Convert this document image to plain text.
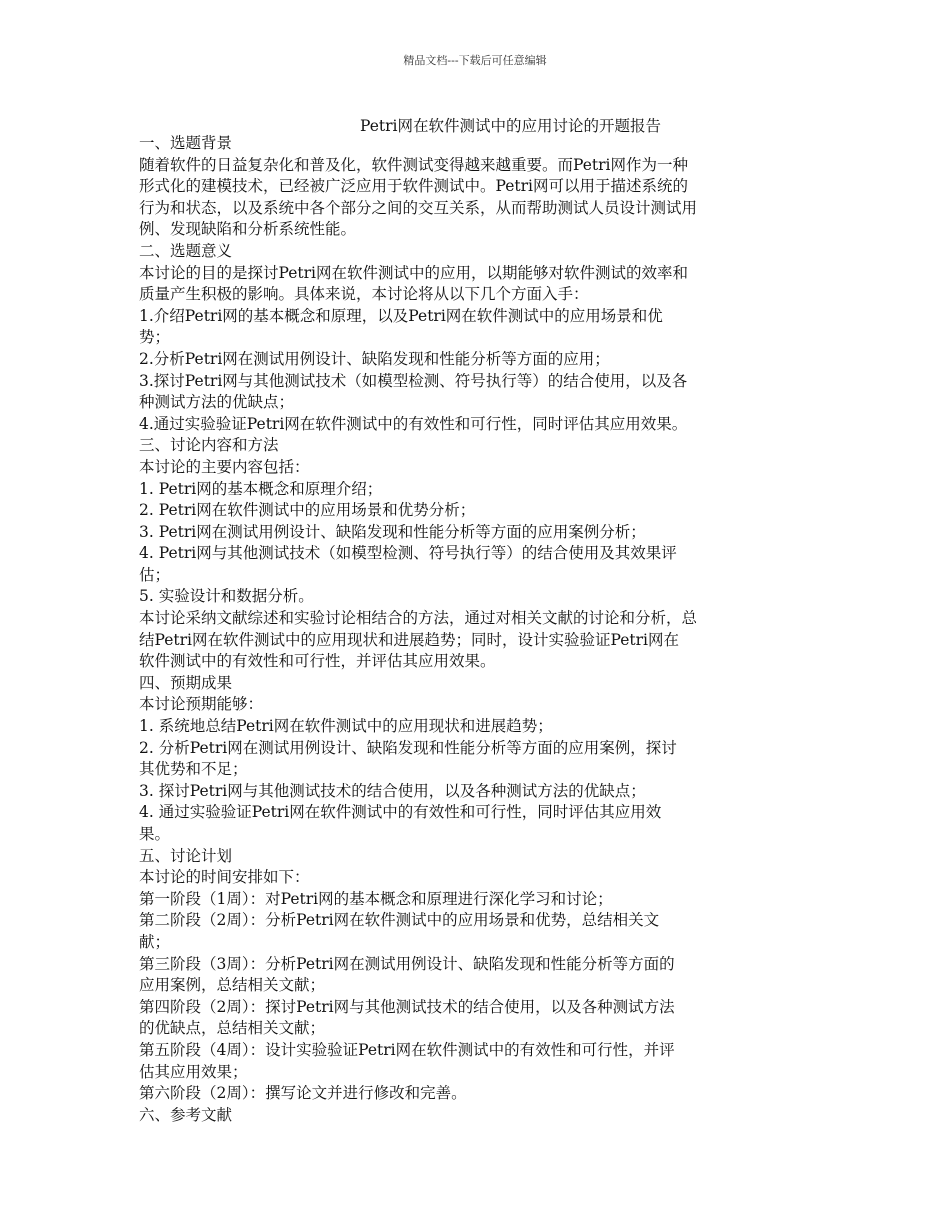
精品文档---下载后可任意编辑
Petri网在软件测试中的应用讨论的开题报告
一、选题背景
随着软件的日益复杂化和普及化，软件测试变得越来越重要。而Petri网作为一种
形式化的建模技术，已经被广泛应用于软件测试中。Petri网可以用于描述系统的
行为和状态，以及系统中各个部分之间的交互关系，从而帮助测试人员设计测试用
例、发现缺陷和分析系统性能。
二、选题意义
本讨论的目的是探讨Petri网在软件测试中的应用，以期能够对软件测试的效率和
质量产生积极的影响。具体来说，本讨论将从以下几个方面入手：
1.介绍Petri网的基本概念和原理，以及Petri网在软件测试中的应用场景和优
势；
2.分析Petri网在测试用例设计、缺陷发现和性能分析等方面的应用；
3.探讨Petri网与其他测试技术（如模型检测、符号执行等）的结合使用，以及各
种测试方法的优缺点；
4.通过实验验证Petri网在软件测试中的有效性和可行性，同时评估其应用效果。
三、讨论内容和方法
本讨论的主要内容包括：
1. Petri网的基本概念和原理介绍；
2. Petri网在软件测试中的应用场景和优势分析；
3. Petri网在测试用例设计、缺陷发现和性能分析等方面的应用案例分析；
4. Petri网与其他测试技术（如模型检测、符号执行等）的结合使用及其效果评
估；
5. 实验设计和数据分析。
本讨论采纳文献综述和实验讨论相结合的方法，通过对相关文献的讨论和分析，总
结Petri网在软件测试中的应用现状和进展趋势；同时，设计实验验证Petri网在
软件测试中的有效性和可行性，并评估其应用效果。
四、预期成果
本讨论预期能够：
1. 系统地总结Petri网在软件测试中的应用现状和进展趋势；
2. 分析Petri网在测试用例设计、缺陷发现和性能分析等方面的应用案例，探讨
其优势和不足；
3. 探讨Petri网与其他测试技术的结合使用，以及各种测试方法的优缺点；
4. 通过实验验证Petri网在软件测试中的有效性和可行性，同时评估其应用效
果。
五、讨论计划
本讨论的时间安排如下：
第一阶段（1周）：对Petri网的基本概念和原理进行深化学习和讨论；
第二阶段（2周）：分析Petri网在软件测试中的应用场景和优势，总结相关文
献；
第三阶段（3周）：分析Petri网在测试用例设计、缺陷发现和性能分析等方面的
应用案例，总结相关文献；
第四阶段（2周）：探讨Petri网与其他测试技术的结合使用，以及各种测试方法
的优缺点，总结相关文献；
第五阶段（4周）：设计实验验证Petri网在软件测试中的有效性和可行性，并评
估其应用效果；
第六阶段（2周）：撰写论文并进行修改和完善。
六、参考文献
